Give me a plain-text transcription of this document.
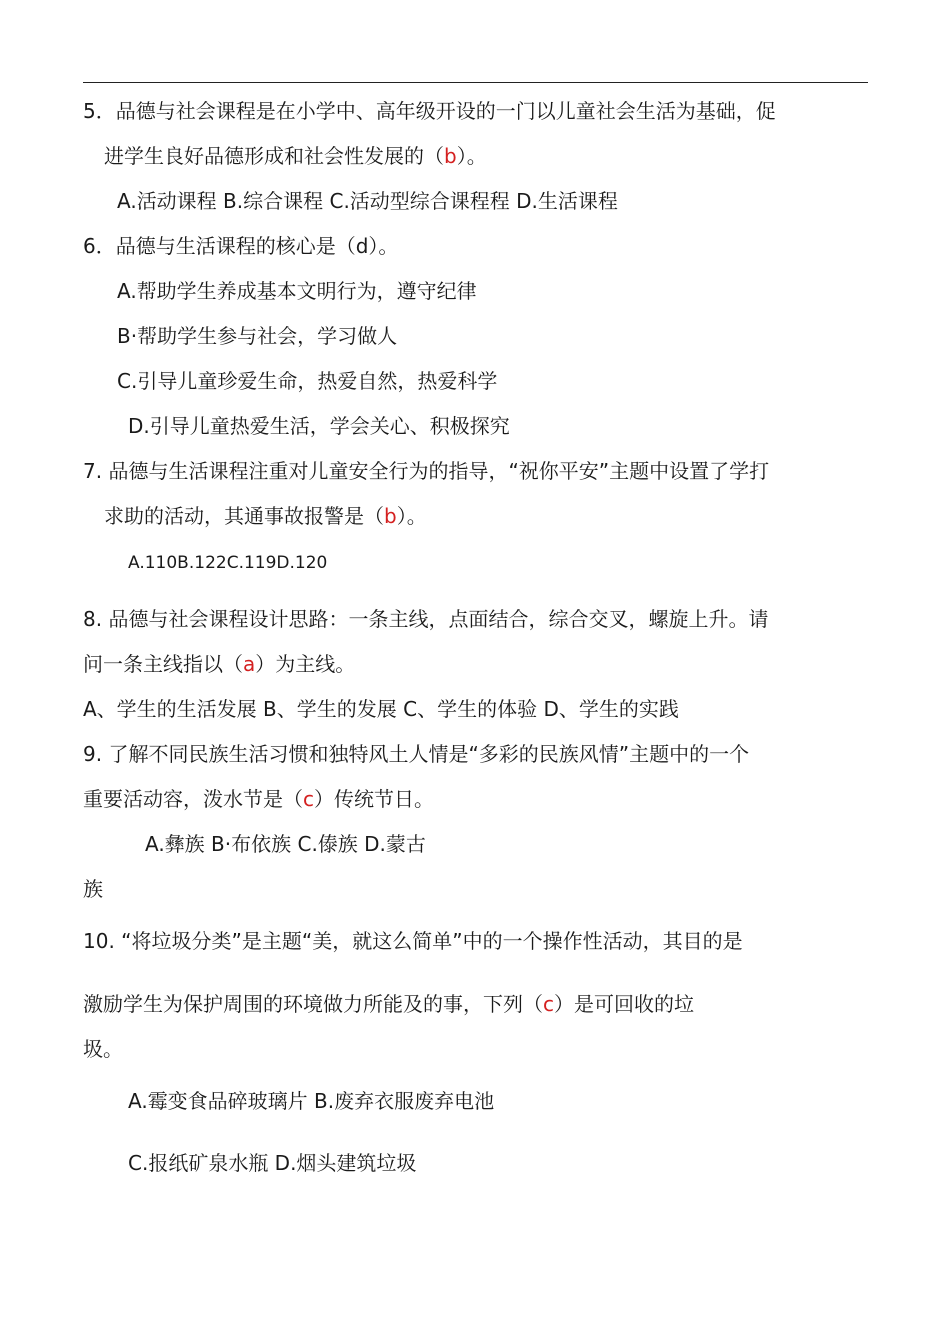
5．品德与社会课程是在小学中、高年级开设的一门以儿童社会生活为基础，促
进学生良好品德形成和社会性发展的（b）。
A.活动课程 B.综合课程 C.活动型综合课程程 D.生活课程
6．品德与生活课程的核心是（d）。
A.帮助学生养成基本文明行为，遵守纪律
B·帮助学生参与社会，学习做人
C.引导儿童珍爱生命，热爱自然，热爱科学
D.引导儿童热爱生活，学会关心、积极探究
7. 品德与生活课程注重对儿童安全行为的指导，“祝你平安”主题中设置了学打
求助的活动，其通事故报警是（b）。
A.110B.122C.119D.120
8. 品德与社会课程设计思路：一条主线，点面结合，综合交叉，螺旋上升。请
问一条主线指以（a）为主线。
A、学生的生活发展 B、学生的发展 C、学生的体验 D、学生的实践
9. 了解不同民族生活习惯和独特风土人情是“多彩的民族风情”主题中的一个
重要活动容，泼水节是（c）传统节日。
A.彝族 B·布依族 C.傣族 D.蒙古
族
10. “将垃圾分类”是主题“美，就这么简单”中的一个操作性活动，其目的是
激励学生为保护周围的环境做力所能及的事，下列（c）是可回收的垃
圾。
A.霉变食品碎玻璃片 B.废弃衣服废弃电池
C.报纸矿泉水瓶 D.烟头建筑垃圾
